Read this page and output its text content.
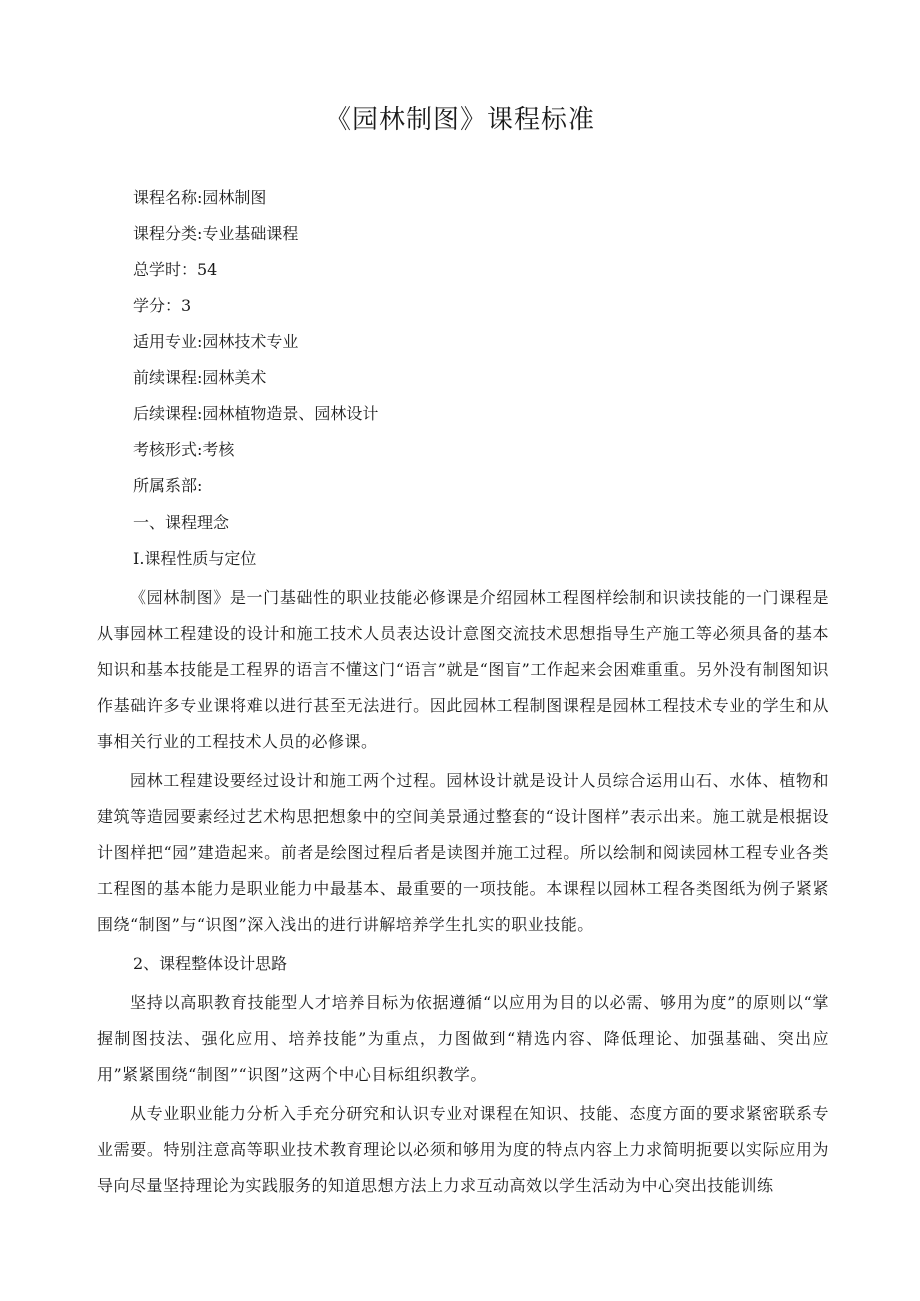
《园林制图》课程标准
课程名称:园林制图
课程分类:专业基础课程
总学时：54
学分：3
适用专业:园林技术专业
前续课程:园林美术
后续课程:园林植物造景、园林设计
考核形式:考核
所属系部:
一、课程理念
I.课程性质与定位

《园林制图》是一门基础性的职业技能必修课是介绍园林工程图样绘制和识读技能的一门课程是从事园林工程建设的设计和施工技术人员表达设计意图交流技术思想指导生产施工等必须具备的基本知识和基本技能是工程界的语言不懂这门“语言”就是“图盲”工作起来会困难重重。另外没有制图知识作基础许多专业课将难以进行甚至无法进行。因此园林工程制图课程是园林工程技术专业的学生和从事相关行业的工程技术人员的必修课。

园林工程建设要经过设计和施工两个过程。园林设计就是设计人员综合运用山石、水体、植物和建筑等造园要素经过艺术构思把想象中的空间美景通过整套的“设计图样”表示出来。施工就是根据设计图样把“园”建造起来。前者是绘图过程后者是读图并施工过程。所以绘制和阅读园林工程专业各类工程图的基本能力是职业能力中最基本、最重要的一项技能。本课程以园林工程各类图纸为例子紧紧围绕“制图”与“识图”深入浅出的进行讲解培养学生扎实的职业技能。

2、课程整体设计思路

坚持以高职教育技能型人才培养目标为依据遵循“以应用为目的以必需、够用为度”的原则以“掌握制图技法、强化应用、培养技能”为重点，力图做到“精选内容、降低理论、加强基础、突出应用”紧紧围绕“制图”“识图”这两个中心目标组织教学。

从专业职业能力分析入手充分研究和认识专业对课程在知识、技能、态度方面的要求紧密联系专业需要。特别注意高等职业技术教育理论以必须和够用为度的特点内容上力求简明扼要以实际应用为导向尽量坚持理论为实践服务的知道思想方法上力求互动高效以学生活动为中心突出技能训练
